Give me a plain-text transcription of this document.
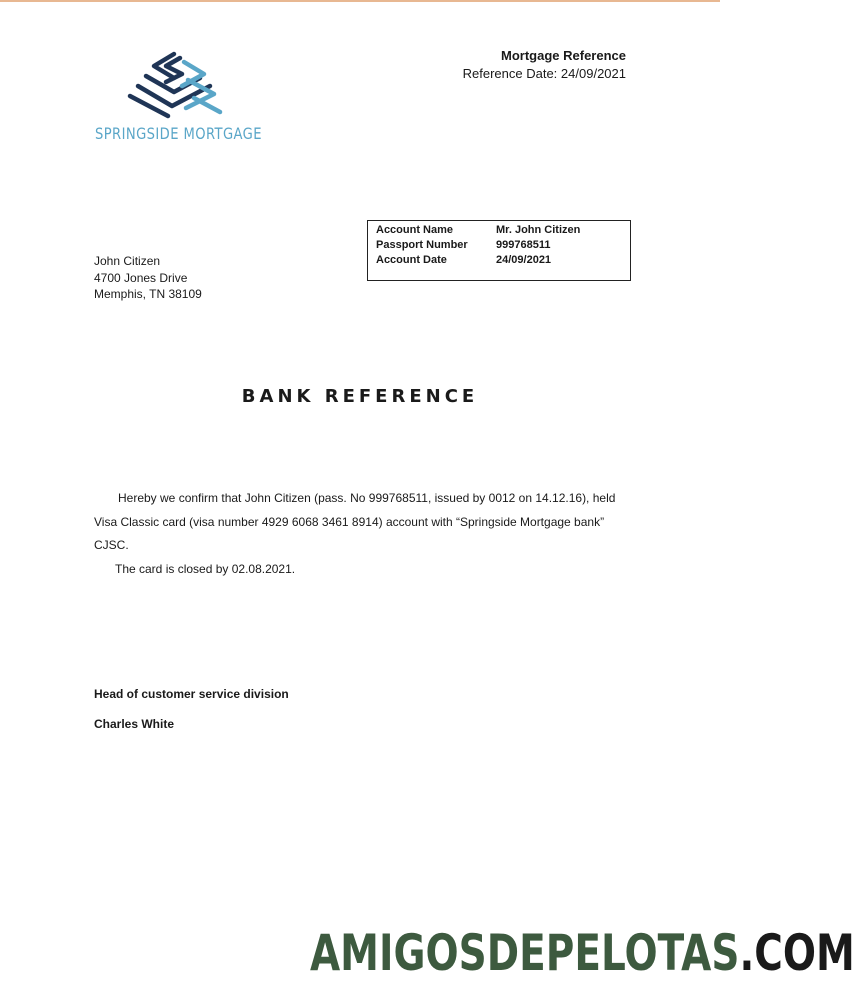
SPRINGSIDE MORTGAGE
Mortgage Reference
Reference Date: 24/09/2021
Account Name	Mr. John Citizen
Passport Number	999768511
Account Date	24/09/2021
John Citizen
4700 Jones Drive
Memphis, TN 38109
BANK REFERENCE

Hereby we confirm that John Citizen (pass. No 999768511, issued by 0012 on 14.12.16), held

Visa Classic card (visa number 4929 6068 3461 8914) account with “Springside Mortgage bank”

CJSC.

The card is closed by 02.08.2021.

Head of customer service division
Charles White
AMIGOSDEPELOTAS.COM
